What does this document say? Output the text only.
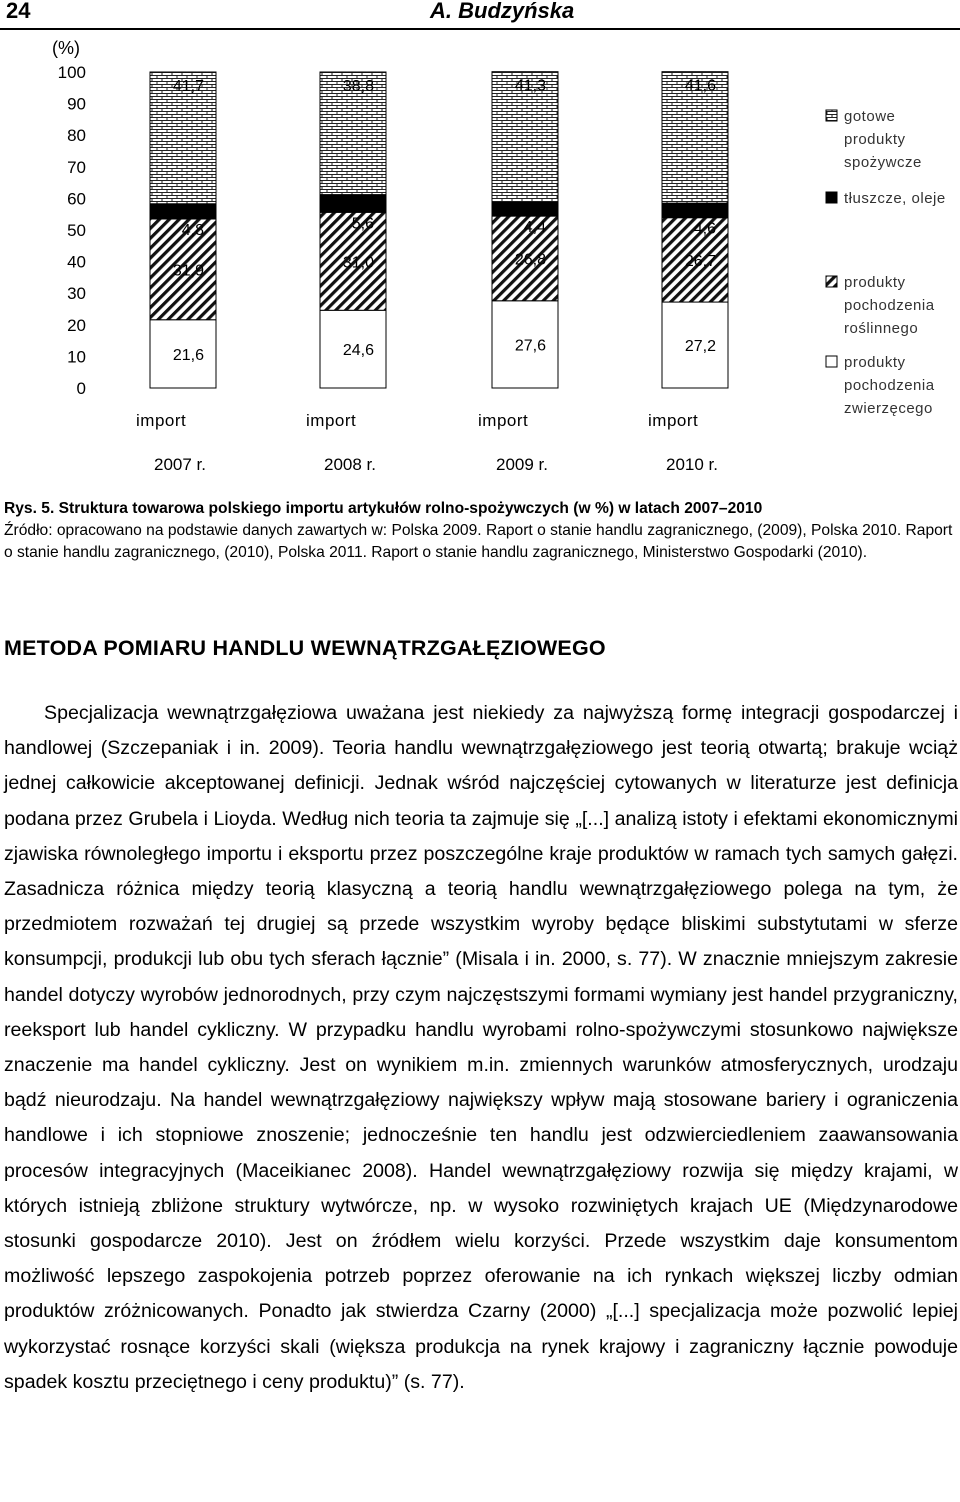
24	A. Budzyńska
(%)
100
90
80
70
60
50
40
30
20
10
0
21,6
31,9
4,8
41,7
import
2007 r.
24,6
31,0
5,6
38,8
import
2008 r.
27,6
26,8
4,4
41,3
import
2009 r.
27,2
26,7
4,6
41,6
import
2010 r.
gotowe
produkty
spożywcze
tłuszcze, oleje
produkty
pochodzenia
roślinnego
produkty
pochodzenia
zwierzęcego
Rys. 5. Struktura towarowa polskiego importu artykułów rolno-spożywczych (w %) w latach 2007–2010
Źródło: opracowano na podstawie danych zawartych w: Polska 2009. Raport o stanie handlu zagranicznego, (2009), Polska 2010. Raport o stanie handlu zagranicznego, (2010), Polska 2011. Raport o stanie handlu zagranicznego, Ministerstwo Gospodarki (2010).
METODA POMIARU HANDLU WEWNĄTRZGAŁĘZIOWEGO

Specjalizacja wewnątrzgałęziowa uważana jest niekiedy za najwyższą formę integracji gospodarczej i handlowej (Szczepaniak i in. 2009). Teoria handlu wewnątrzgałęziowego jest teorią otwartą; brakuje wciąż jednej całkowicie akceptowanej definicji. Jednak wśród najczęściej cytowanych w literaturze jest definicja podana przez Grubela i Lioyda. Według nich teoria ta zajmuje się „[...] analizą istoty i efektami ekonomicznymi zjawiska równoległego importu i eksportu przez poszczególne kraje produktów w ramach tych samych gałęzi. Zasadnicza różnica między teorią klasyczną a teorią handlu wewnątrzgałęziowego polega na tym, że przedmiotem rozważań tej drugiej są przede wszystkim wyroby będące bliskimi substytutami w sferze konsumpcji, produkcji lub obu tych sferach łącznie” (Misala i in. 2000, s. 77). W znacznie mniejszym zakresie handel dotyczy wyrobów jednorodnych, przy czym najczęstszymi formami wymiany jest handel przygraniczny, reeksport lub handel cykliczny. W przypadku handlu wyrobami rolno-spożywczymi stosunkowo największe znaczenie ma handel cykliczny. Jest on wynikiem m.in. zmiennych warunków atmosferycznych, urodzaju bądź nieurodzaju. Na handel wewnątrzgałęziowy największy wpływ mają stosowane bariery i ograniczenia handlowe i ich stopniowe znoszenie; jednocześnie ten handlu jest odzwierciedleniem zaawansowania procesów integracyjnych (Maceikianec 2008). Handel wewnątrzgałęziowy rozwija się między krajami, w których istnieją zbliżone struktury wytwórcze, np. w wysoko rozwiniętych krajach UE (Międzynarodowe stosunki gospodarcze 2010). Jest on źródłem wielu korzyści. Przede wszystkim daje konsumentom możliwość lepszego zaspokojenia potrzeb poprzez oferowanie na ich rynkach większej liczby odmian produktów zróżnicowanych. Ponadto jak stwierdza Czarny (2000) „[...] specjalizacja może pozwolić lepiej wykorzystać rosnące korzyści skali (większa produkcja na rynek krajowy i zagraniczny łącznie powoduje spadek kosztu przeciętnego i ceny produktu)” (s. 77).
